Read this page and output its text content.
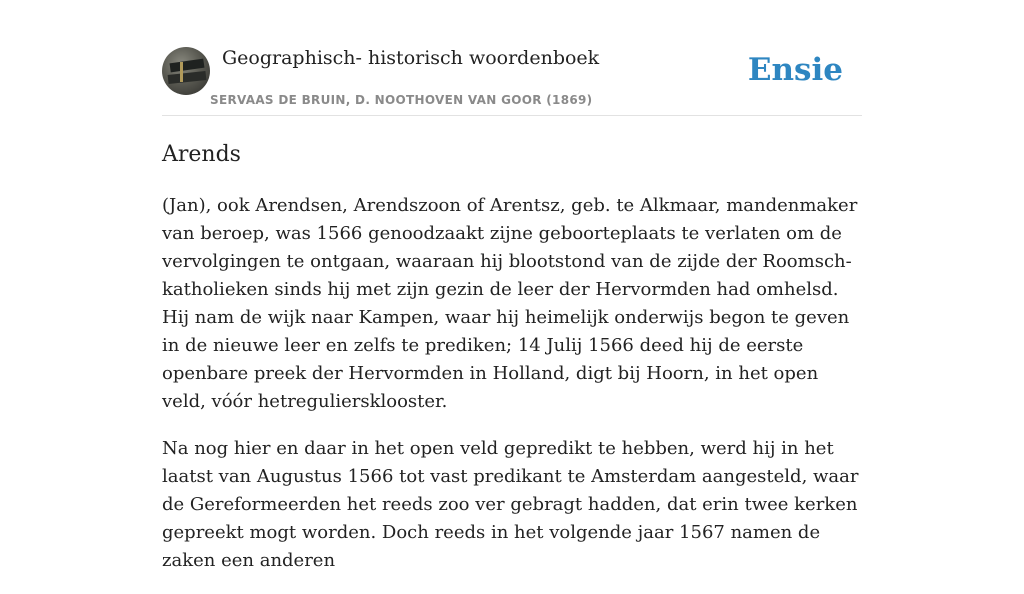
Geographisch- historisch woordenboek
SERVAAS DE BRUIN, D. NOOTHOVEN VAN GOOR (1869)
Ensie
Arends

(Jan), ook Arendsen, Arendszoon of Arentsz, geb. te Alkmaar, mandenmaker van beroep, was 1566 genoodzaakt zijne geboorteplaats te verlaten om de vervolgingen te ontgaan, waaraan hij blootstond van de zijde der Roomsch-katholieken sinds hij met zijn gezin de leer der Hervormden had omhelsd. Hij nam de wijk naar Kampen, waar hij heimelijk onderwijs begon te geven in de nieuwe leer en zelfs te prediken; 14 Julij 1566 deed hij de eerste openbare preek der Hervormden in Holland, digt bij Hoorn, in het open veld, vóór hetreguliersklooster.

Na nog hier en daar in het open veld gepredikt te hebben, werd hij in het laatst van Augustus 1566 tot vast predikant te Amsterdam aangesteld, waar de Gereformeerden het reeds zoo ver gebragt hadden, dat erin twee kerken gepreekt mogt worden. Doch reeds in het volgende jaar 1567 namen de zaken een anderen
